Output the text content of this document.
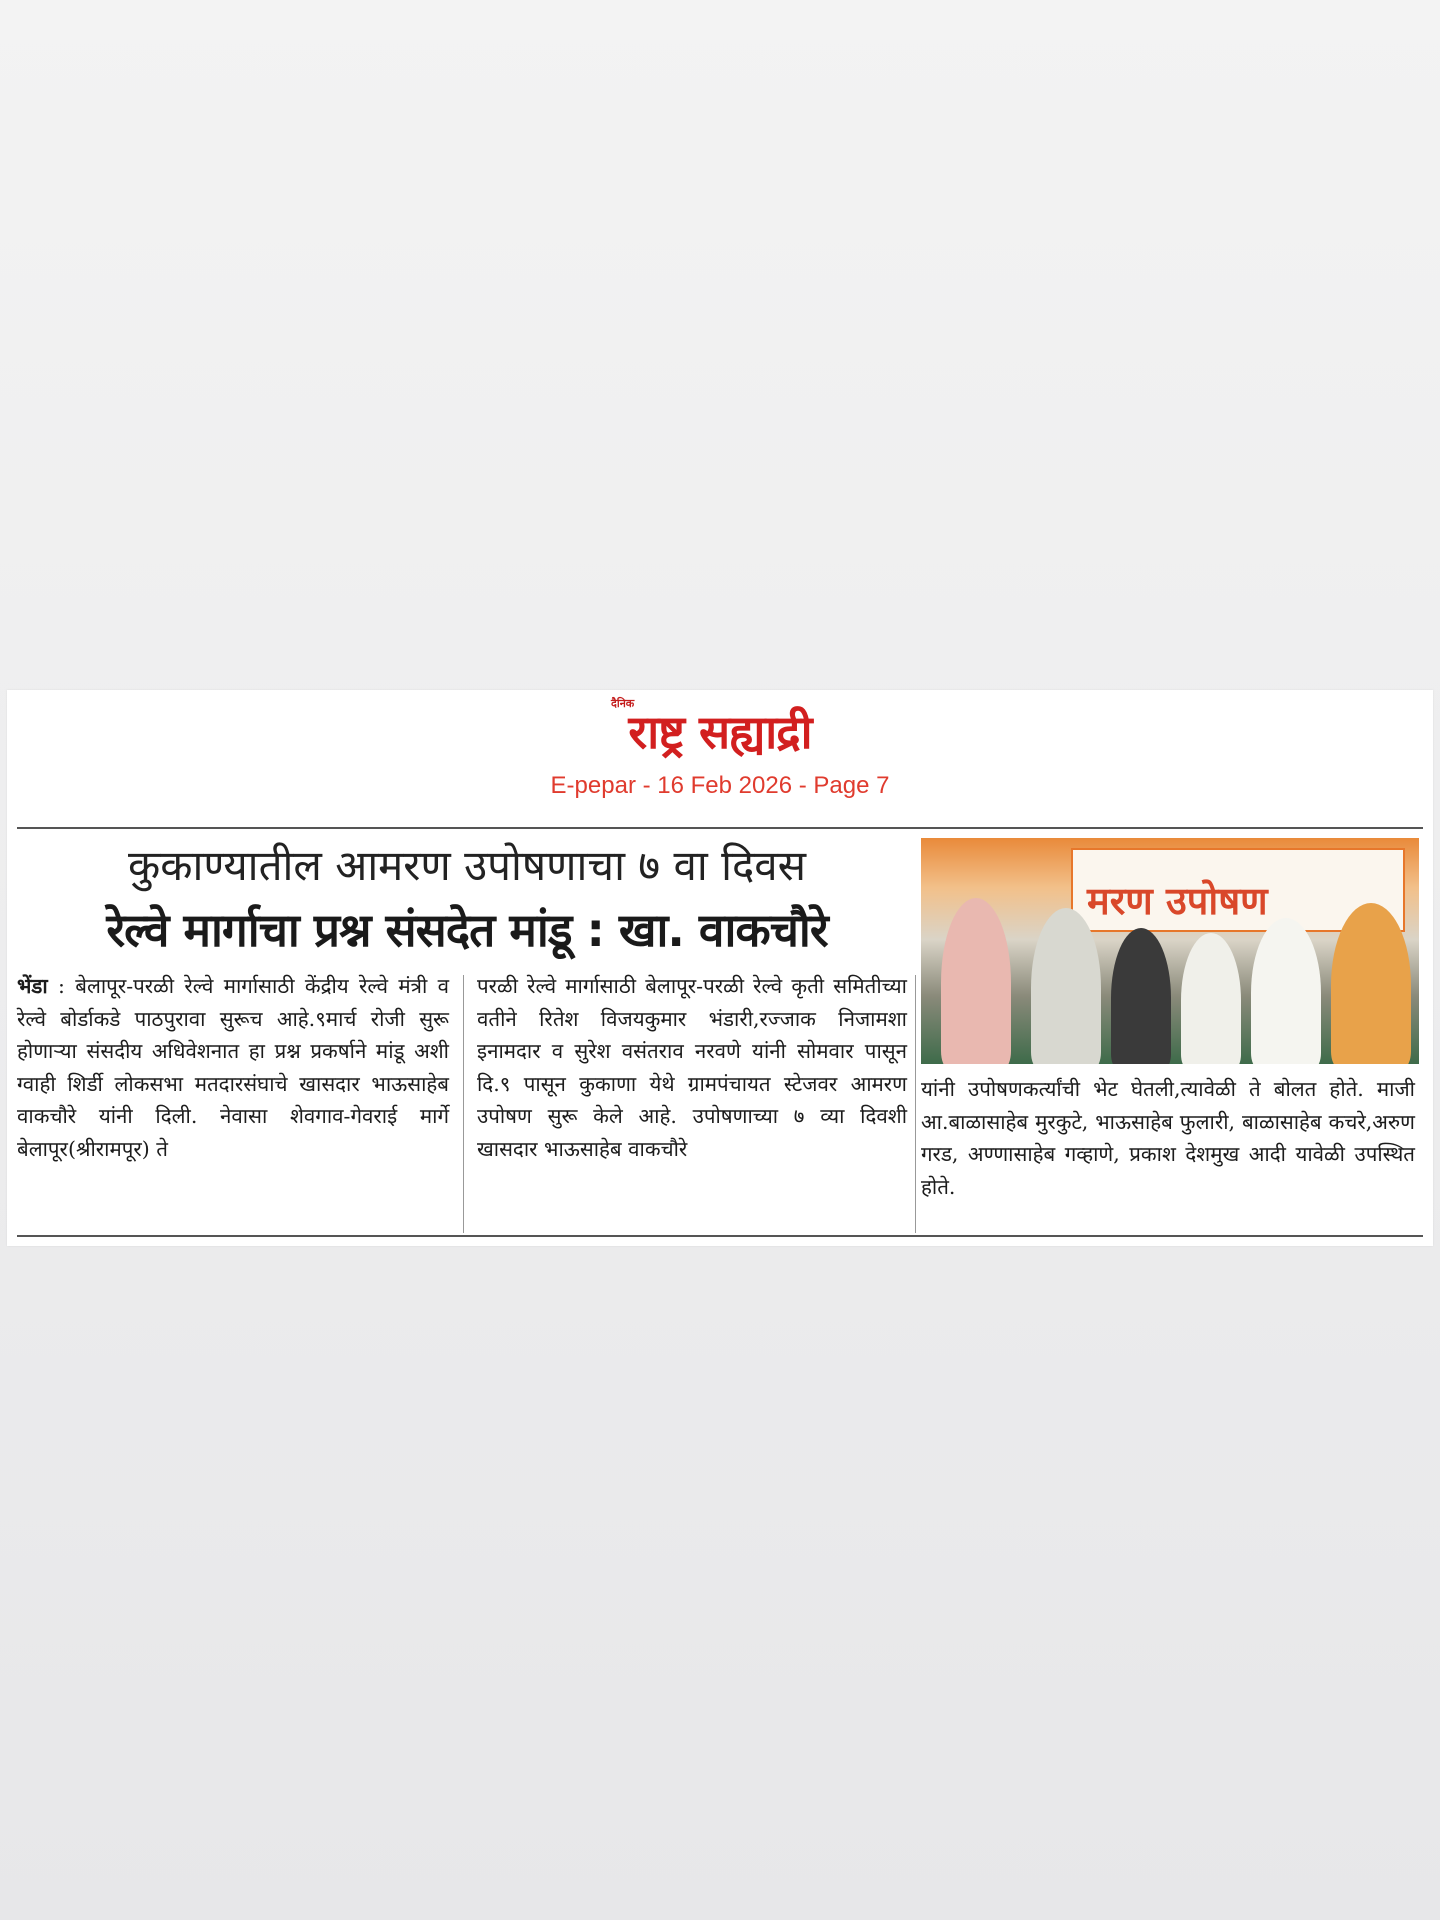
दैनिक
राष्ट्र सह्याद्री
E-pepar - 16 Feb 2026 - Page 7
कुकाण्यातील आमरण उपोषणाचा ७ वा दिवस
रेल्वे मार्गाचा प्रश्न संसदेत मांडू : खा. वाकचौरे
मरण उपोषण
भेंडा : बेलापूर-परळी रेल्वे मार्गासाठी केंद्रीय रेल्वे मंत्री व रेल्वे बोर्डाकडे पाठपुरावा सुरूच आहे.९मार्च रोजी सुरू होणाऱ्या संसदीय अधिवेशनात हा प्रश्न प्रकर्षाने मांडू अशी ग्वाही शिर्डी लोकसभा मतदारसंघाचे खासदार भाऊसाहेब वाकचौरे यांनी दिली. नेवासा शेवगाव-गेवराई मार्गे बेलापूर(श्रीरामपूर) ते
परळी रेल्वे मार्गासाठी बेलापूर-परळी रेल्वे कृती समितीच्या वतीने रितेश विजयकुमार भंडारी,रज्जाक निजामशा इनामदार व सुरेश वसंतराव नरवणे यांनी सोमवार पासून दि.९ पासून कुकाणा येथे ग्रामपंचायत स्टेजवर आमरण उपोषण सुरू केले आहे. उपोषणाच्या ७ व्या दिवशी खासदार भाऊसाहेब वाकचौरे
यांनी उपोषणकर्त्यांची भेट घेतली,त्यावेळी ते बोलत होते. माजी आ.बाळासाहेब मुरकुटे, भाऊसाहेब फुलारी, बाळासाहेब कचरे,अरुण गरड, अण्णासाहेब गव्हाणे, प्रकाश देशमुख आदी यावेळी उपस्थित होते.
